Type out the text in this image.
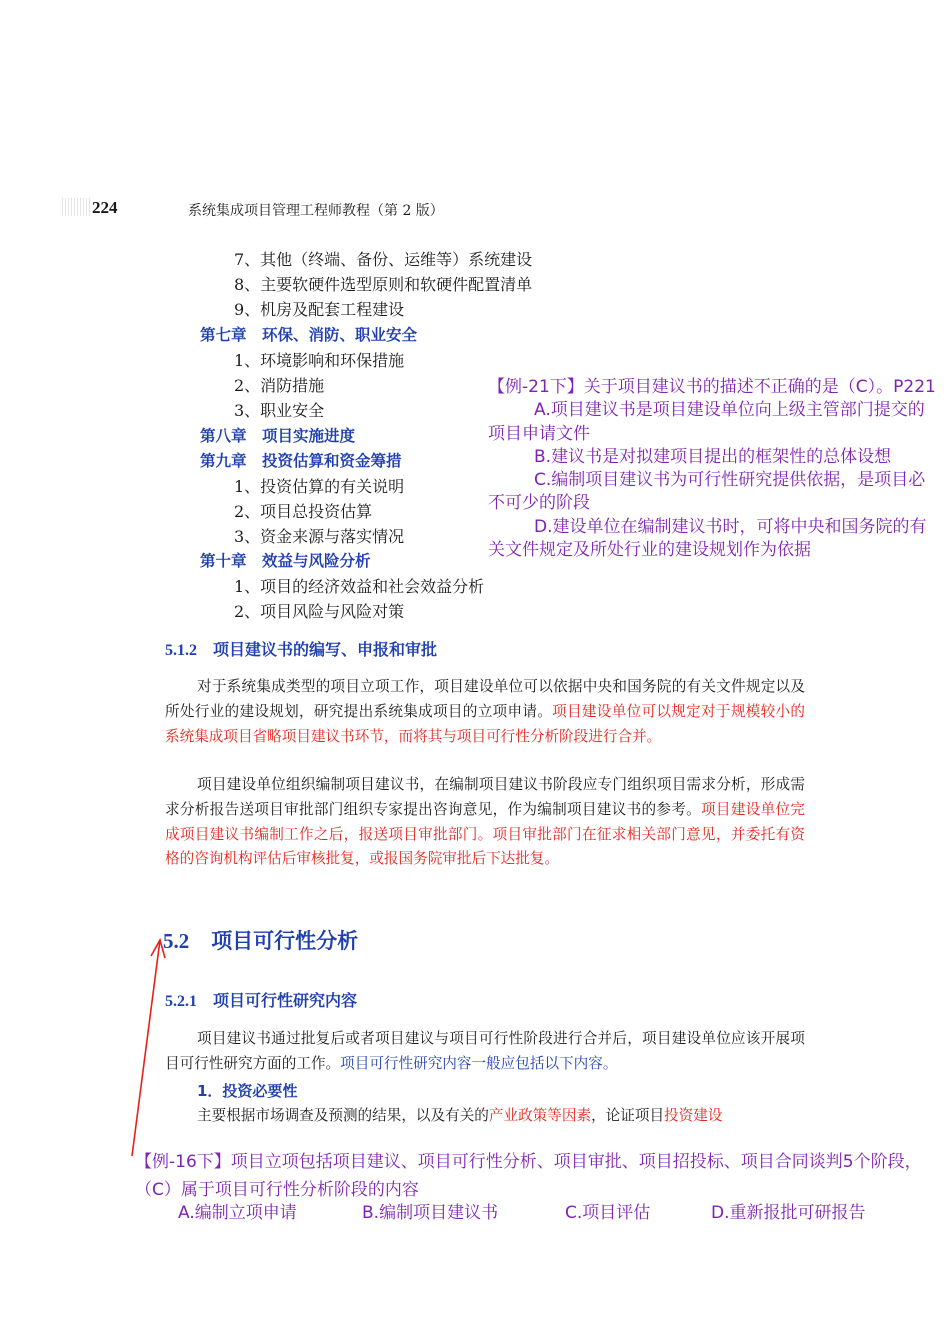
224	系统集成项目管理工程师教程（第 2 版）
7、其他（终端、备份、运维等）系统建设
8、主要软硬件选型原则和软硬件配置清单
9、机房及配套工程建设
第七章　环保、消防、职业安全
1、环境影响和环保措施
2、消防措施
3、职业安全
第八章　项目实施进度
第九章　投资估算和资金筹措
1、投资估算的有关说明
2、项目总投资估算
3、资金来源与落实情况
第十章　效益与风险分析
1、项目的经济效益和社会效益分析
2、项目风险与风险对策

【例-21下】关于项目建议书的描述不正确的是（C）。P221

A.项目建议书是项目建设单位向上级主管部门提交的项目申请文件

B.建议书是对拟建项目提出的框架性的总体设想

C.编制项目建议书为可行性研究提供依据，是项目必不可少的阶段

D.建设单位在编制建议书时，可将中央和国务院的有关文件规定及所处行业的建设规划作为依据

5.1.2　项目建议书的编写、申报和审批
对于系统集成类型的项目立项工作，项目建设单位可以依据中央和国务院的有关文件规定以及所处行业的建设规划，研究提出系统集成项目的立项申请。项目建设单位可以规定对于规模较小的系统集成项目省略项目建议书环节，而将其与项目可行性分析阶段进行合并。
项目建设单位组织编制项目建议书，在编制项目建议书阶段应专门组织项目需求分析，形成需求分析报告送项目审批部门组织专家提出咨询意见，作为编制项目建议书的参考。项目建设单位完成项目建议书编制工作之后，报送项目审批部门。项目审批部门在征求相关部门意见，并委托有资格的咨询机构评估后审核批复，或报国务院审批后下达批复。
5.2 项目可行性分析
5.2.1　项目可行性研究内容
项目建议书通过批复后或者项目建议与项目可行性阶段进行合并后，项目建设单位应该开展项目可行性研究方面的工作。项目可行性研究内容一般应包括以下内容。
1．投资必要性
主要根据市场调查及预测的结果，以及有关的产业政策等因素，论证项目投资建设

【例-16下】项目立项包括项目建议、项目可行性分析、项目审批、项目招投标、项目合同谈判5个阶段，（C）属于项目可行性分析阶段的内容

A.编制立项申请	B.编制项目建议书	C.项目评估	D.重新报批可研报告
